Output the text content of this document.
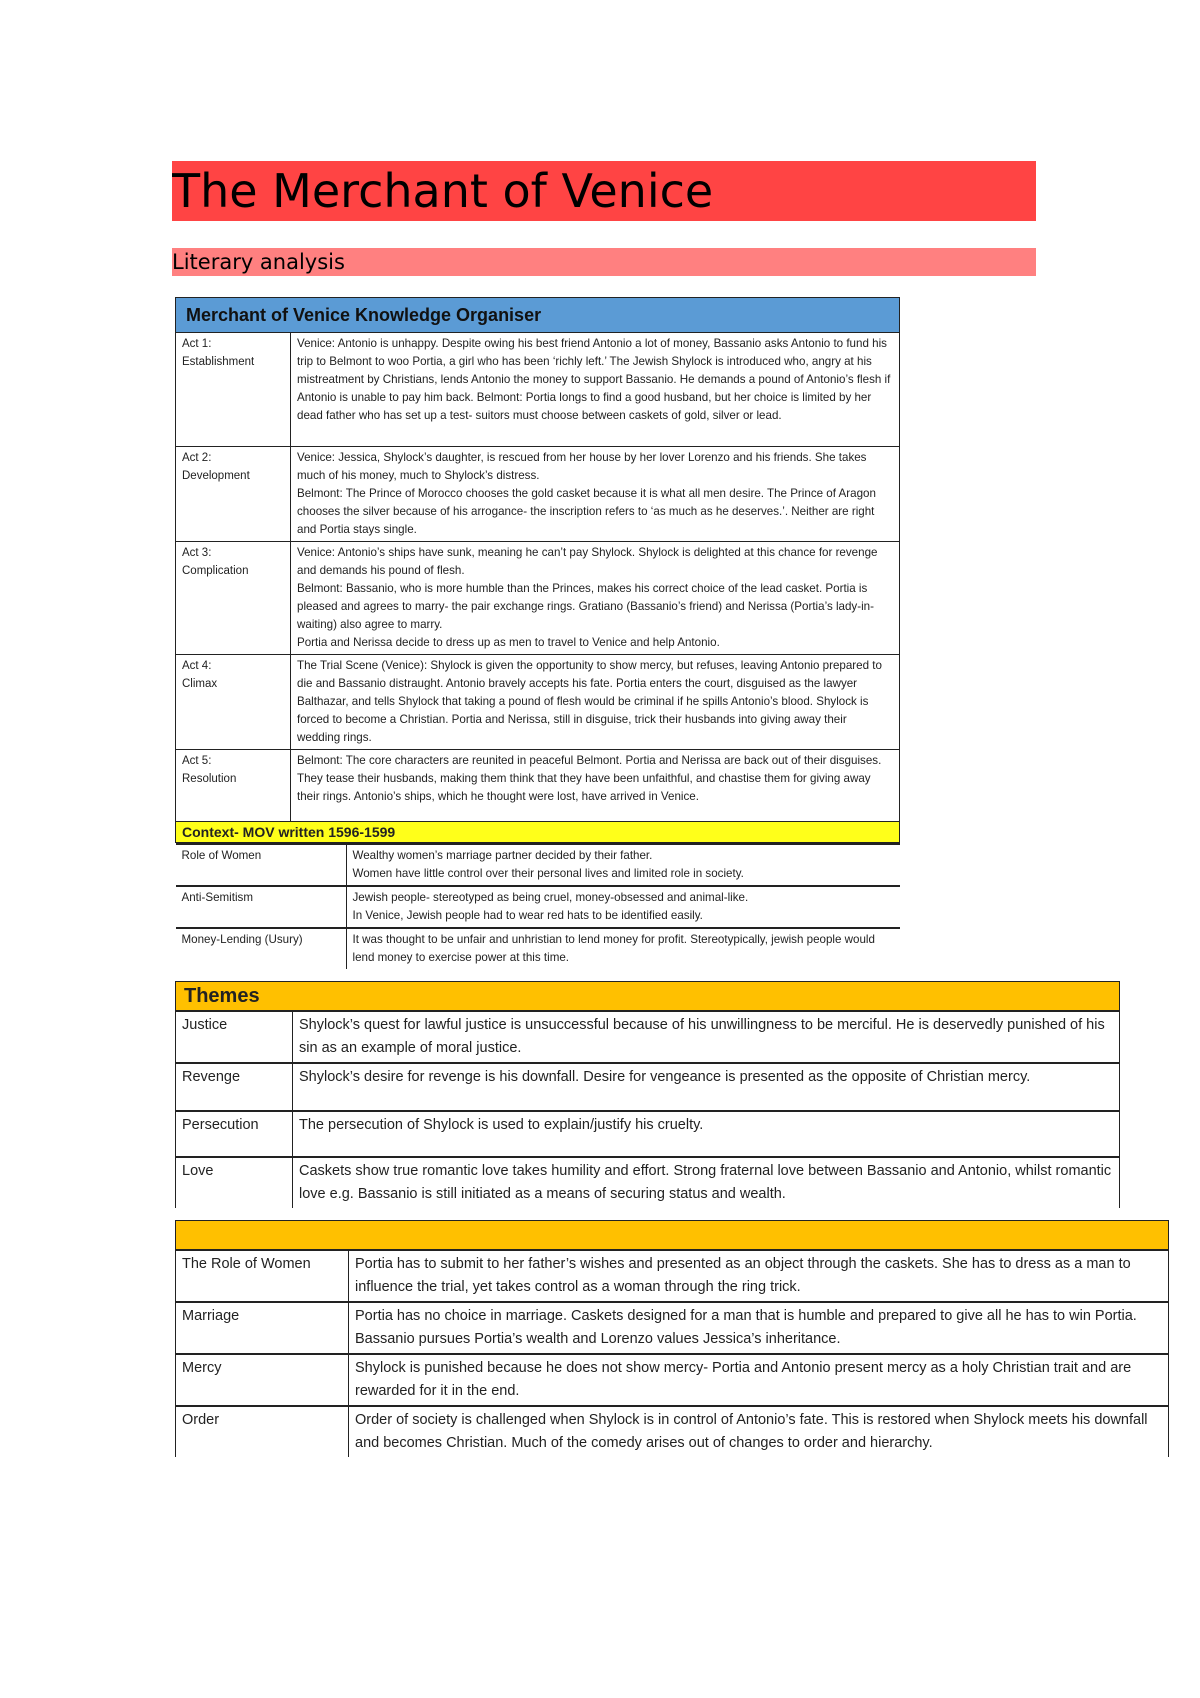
The Merchant of Venice
Literary analysis
Merchant of Venice Knowledge Organiser
Act 1:
Establishment	Venice: Antonio is unhappy. Despite owing his best friend Antonio a lot of money, Bassanio asks Antonio to fund his trip to Belmont to woo Portia, a girl who has been ‘richly left.’ The Jewish Shylock is introduced who, angry at his mistreatment by Christians, lends Antonio the money to support Bassanio. He demands a pound of Antonio’s flesh if Antonio is unable to pay him back. Belmont: Portia longs to find a good husband, but her choice is limited by her dead father who has set up a test- suitors must choose between caskets of gold, silver or lead.
Act 2:
Development	Venice: Jessica, Shylock’s daughter, is rescued from her house by her lover Lorenzo and his friends. She takes much of his money, much to Shylock’s distress.
Belmont: The Prince of Morocco chooses the gold casket because it is what all men desire. The Prince of Aragon chooses the silver because of his arrogance- the inscription refers to ‘as much as he deserves.’. Neither are right and Portia stays single.
Act 3:
Complication	Venice: Antonio’s ships have sunk, meaning he can’t pay Shylock. Shylock is delighted at this chance for revenge and demands his pound of flesh.
Belmont: Bassanio, who is more humble than the Princes, makes his correct choice of the lead casket. Portia is pleased and agrees to marry- the pair exchange rings. Gratiano (Bassanio’s friend) and Nerissa (Portia’s lady-in-waiting) also agree to marry.
Portia and Nerissa decide to dress up as men to travel to Venice and help Antonio.
Act 4:
Climax	The Trial Scene (Venice): Shylock is given the opportunity to show mercy, but refuses, leaving Antonio prepared to die and Bassanio distraught. Antonio bravely accepts his fate. Portia enters the court, disguised as the lawyer Balthazar, and tells Shylock that taking a pound of flesh would be criminal if he spills Antonio’s blood. Shylock is forced to become a Christian. Portia and Nerissa, still in disguise, trick their husbands into giving away their wedding rings.
Act 5:
Resolution	Belmont: The core characters are reunited in peaceful Belmont. Portia and Nerissa are back out of their disguises. They tease their husbands, making them think that they have been unfaithful, and chastise them for giving away their rings. Antonio’s ships, which he thought were lost, have arrived in Venice.
Context- MOV written 1596-1599

Role of Women	Wealthy women’s marriage partner decided by their father.
Women have little control over their personal lives and limited role in society.
Anti-Semitism	Jewish people- stereotyped as being cruel, money-obsessed and animal-like.
In Venice, Jewish people had to wear red hats to be identified easily.
Money-Lending (Usury)	It was thought to be unfair and unhristian to lend money for profit. Stereotypically, jewish people would lend money to exercise power at this time.
Themes	
Justice	Shylock’s quest for lawful justice is unsuccessful because of his unwillingness to be merciful. He is deservedly punished of his sin as an example of moral justice.
Revenge	Shylock’s desire for revenge is his downfall. Desire for vengeance is presented as the opposite of Christian mercy.
Persecution	The persecution of Shylock is used to explain/justify his cruelty.
Love	Caskets show true romantic love takes humility and effort. Strong fraternal love between Bassanio and Antonio, whilst romantic love e.g. Bassanio is still initiated as a means of securing status and wealth.

The Role of Women	Portia has to submit to her father’s wishes and presented as an object through the caskets. She has to dress as a man to influence the trial, yet takes control as a woman through the ring trick.
Marriage	Portia has no choice in marriage. Caskets designed for a man that is humble and prepared to give all he has to win Portia. Bassanio pursues Portia’s wealth and Lorenzo values Jessica’s inheritance.
Mercy	Shylock is punished because he does not show mercy- Portia and Antonio present mercy as a holy Christian trait and are rewarded for it in the end.
Order	Order of society is challenged when Shylock is in control of Antonio’s fate. This is restored when Shylock meets his downfall and becomes Christian. Much of the comedy arises out of changes to order and hierarchy.
